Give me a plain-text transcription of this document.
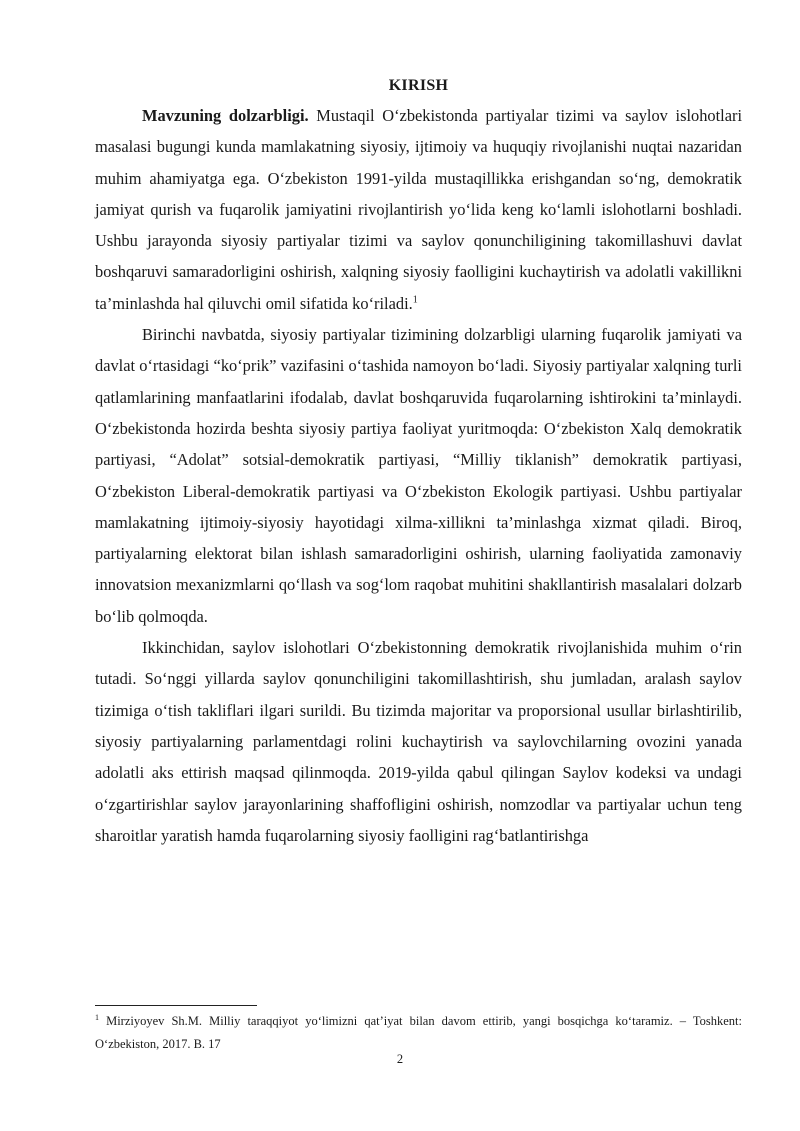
KIRISH

Mavzuning dolzarbligi. Mustaqil O‘zbekistonda partiyalar tizimi va saylov islohotlari masalasi bugungi kunda mamlakatning siyosiy, ijtimoiy va huquqiy rivojlanishi nuqtai nazaridan muhim ahamiyatga ega. O‘zbekiston 1991-yilda mustaqillikka erishgandan so‘ng, demokratik jamiyat qurish va fuqarolik jamiyatini rivojlantirish yo‘lida keng ko‘lamli islohotlarni boshladi. Ushbu jarayonda siyosiy partiyalar tizimi va saylov qonunchiligining takomillashuvi davlat boshqaruvi samaradorligini oshirish, xalqning siyosiy faolligini kuchaytirish va adolatli vakillikni ta’minlashda hal qiluvchi omil sifatida ko‘riladi.$^1$

Birinchi navbatda, siyosiy partiyalar tizimining dolzarbligi ularning fuqarolik jamiyati va davlat o‘rtasidagi “ko‘prik” vazifasini o‘tashida namoyon bo‘ladi. Siyosiy partiyalar xalqning turli qatlamlarining manfaatlarini ifodalab, davlat boshqaruvida fuqarolarning ishtirokini ta’minlaydi. O‘zbekistonda hozirda beshta siyosiy partiya faoliyat yuritmoqda: O‘zbekiston Xalq demokratik partiyasi, “Adolat” sotsial-demokratik partiyasi, “Milliy tiklanish” demokratik partiyasi, O‘zbekiston Liberal-demokratik partiyasi va O‘zbekiston Ekologik partiyasi. Ushbu partiyalar mamlakatning ijtimoiy-siyosiy hayotidagi xilma-xillikni ta’minlashga xizmat qiladi. Biroq, partiyalarning elektorat bilan ishlash samaradorligini oshirish, ularning faoliyatida zamonaviy innovatsion mexanizmlarni qo‘llash va sog‘lom raqobat muhitini shakllantirish masalalari dolzarb bo‘lib qolmoqda.

Ikkinchidan, saylov islohotlari O‘zbekistonning demokratik rivojlanishida muhim o‘rin tutadi. So‘nggi yillarda saylov qonunchiligini takomillashtirish, shu jumladan, aralash saylov tizimiga o‘tish takliflari ilgari surildi. Bu tizimda majoritar va proporsional usullar birlashtirilib, siyosiy partiyalarning parlamentdagi rolini kuchaytirish va saylovchilarning ovozini yanada adolatli aks ettirish maqsad qilinmoqda. 2019-yilda qabul qilingan Saylov kodeksi va undagi o‘zgartirishlar saylov jarayonlarining shaffofligini oshirish, nomzodlar va partiyalar uchun teng sharoitlar yaratish hamda fuqarolarning siyosiy faolligini rag‘batlantirishga

$^1$ Mirziyoyev Sh.M. Milliy taraqqiyot yo‘limizni qat’iyat bilan davom ettirib, yangi bosqichga ko‘taramiz. – Toshkent: O‘zbekiston, 2017. B. 17
2
